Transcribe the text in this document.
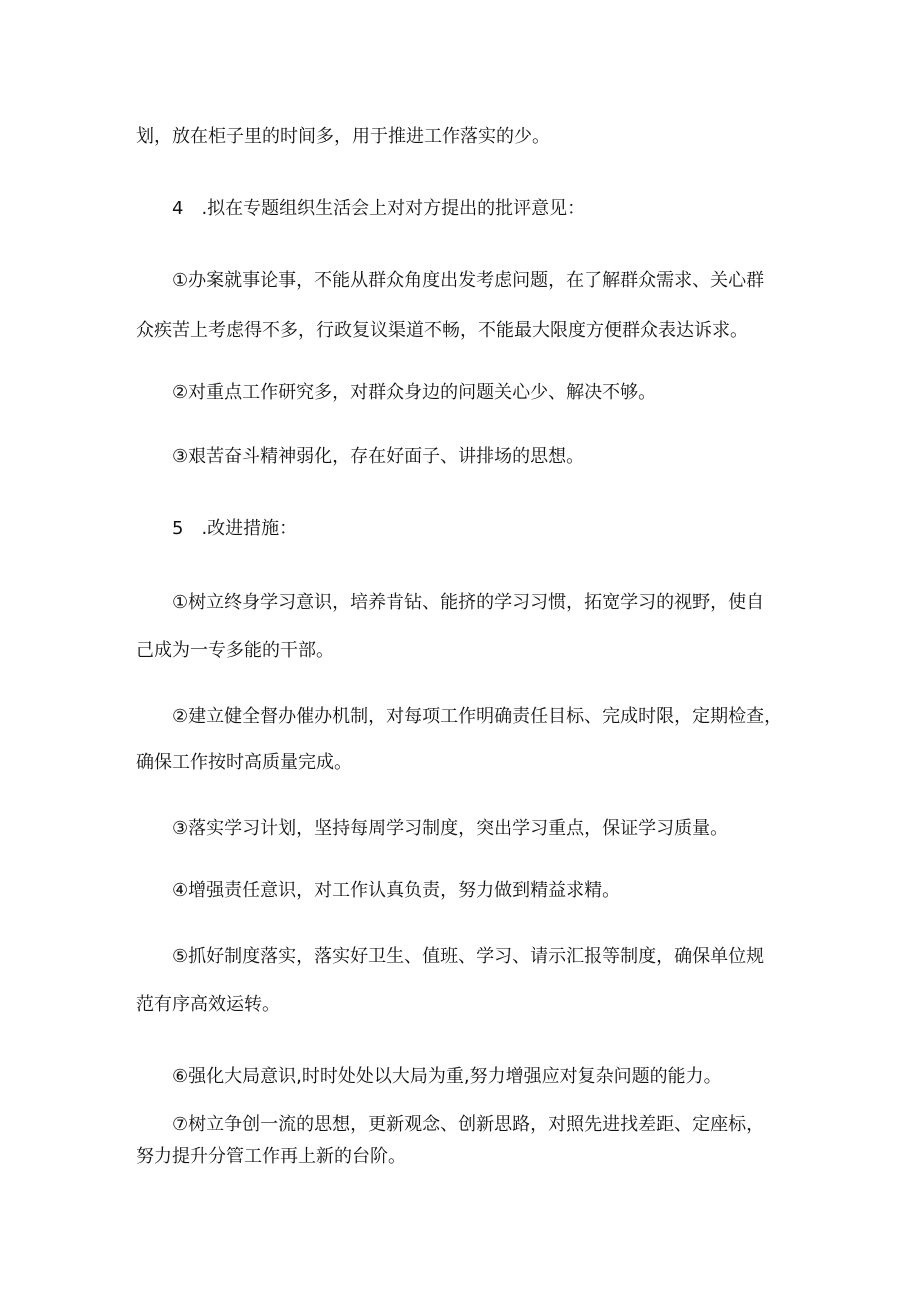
划，放在柜子里的时间多，用于推进工作落实的少。
4　.拟在专题组织生活会上对对方提出的批评意见：
①办案就事论事，不能从群众角度出发考虑问题，在了解群众需求、关心群
众疾苦上考虑得不多，行政复议渠道不畅，不能最大限度方便群众表达诉求。
②对重点工作研究多，对群众身边的问题关心少、解决不够。
③艰苦奋斗精神弱化，存在好面子、讲排场的思想。
5　.改进措施：
①树立终身学习意识，培养肯钻、能挤的学习习惯，拓宽学习的视野，使自
己成为一专多能的干部。
②建立健全督办催办机制，对每项工作明确责任目标、完成时限，定期检查，
确保工作按时高质量完成。
③落实学习计划，坚持每周学习制度，突出学习重点，保证学习质量。
④增强责任意识，对工作认真负责，努力做到精益求精。
⑤抓好制度落实，落实好卫生、值班、学习、请示汇报等制度，确保单位规
范有序高效运转。
⑥强化大局意识,时时处处以大局为重,努力增强应对复杂问题的能力。
⑦树立争创一流的思想，更新观念、创新思路，对照先进找差距、定座标，
努力提升分管工作再上新的台阶。
